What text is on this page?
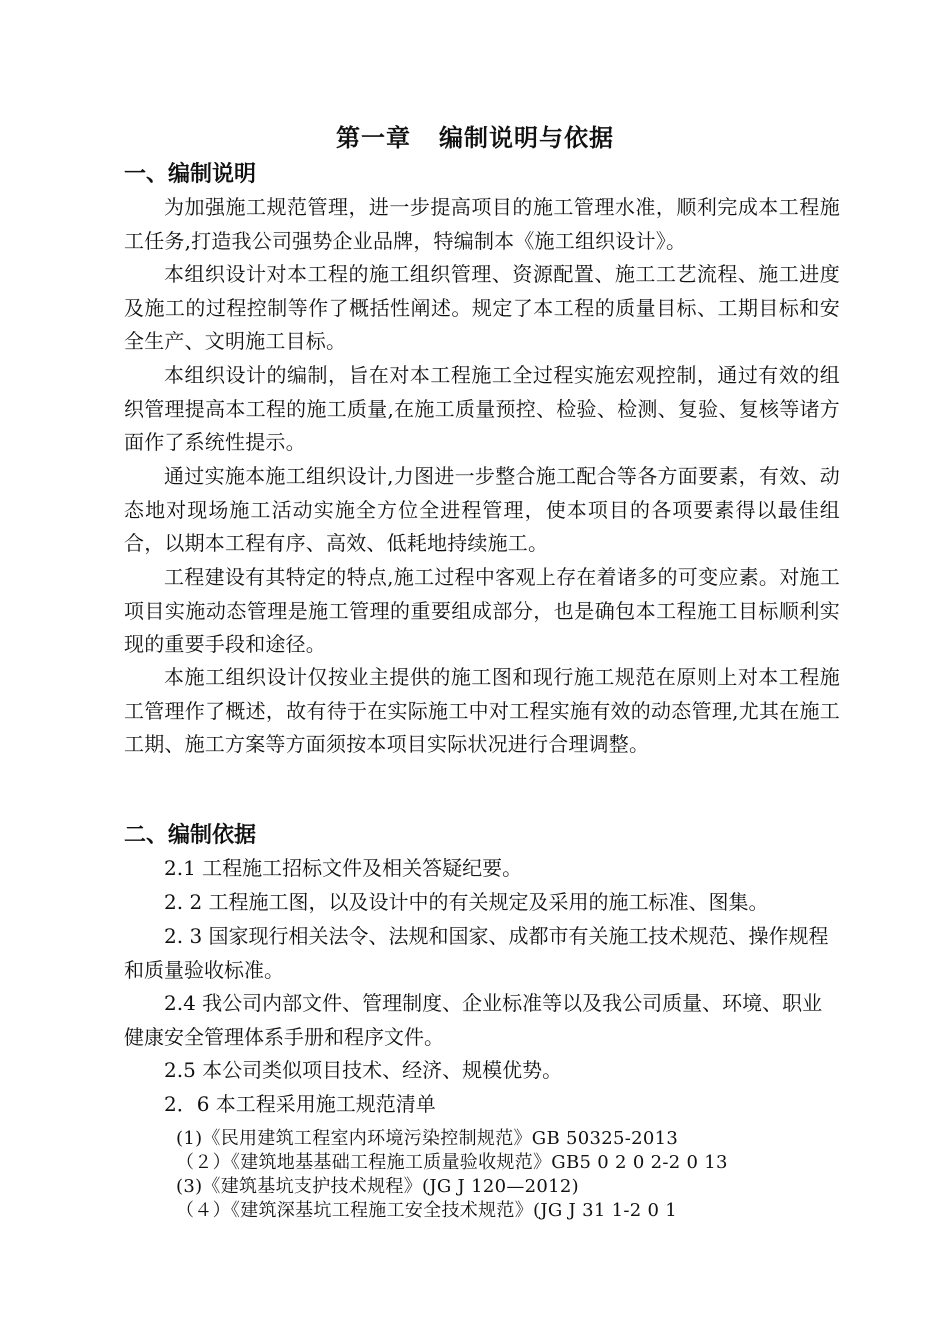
第一章 编制说明与依据
一、编制说明

为加强施工规范管理，进一步提高项目的施工管理水准，顺利完成本工程施工任务,打造我公司强势企业品牌，特编制本《施工组织设计》。

本组织设计对本工程的施工组织管理、资源配置、施工工艺流程、施工进度及施工的过程控制等作了概括性阐述。规定了本工程的质量目标、工期目标和安全生产、文明施工目标。

本组织设计的编制，旨在对本工程施工全过程实施宏观控制，通过有效的组织管理提高本工程的施工质量,在施工质量预控、检验、检测、复验、复核等诸方面作了系统性提示。

通过实施本施工组织设计,力图进一步整合施工配合等各方面要素，有效、动态地对现场施工活动实施全方位全进程管理，使本项目的各项要素得以最佳组合，以期本工程有序、高效、低耗地持续施工。

工程建设有其特定的特点,施工过程中客观上存在着诸多的可变应素。对施工项目实施动态管理是施工管理的重要组成部分，也是确包本工程施工目标顺利实现的重要手段和途径。

本施工组织设计仅按业主提供的施工图和现行施工规范在原则上对本工程施工管理作了概述，故有待于在实际施工中对工程实施有效的动态管理,尤其在施工工期、施工方案等方面须按本项目实际状况进行合理调整。

二、编制依据

2.1 工程施工招标文件及相关答疑纪要。

2. 2 工程施工图，以及设计中的有关规定及采用的施工标准、图集。

2. 3 国家现行相关法令、法规和国家、成都市有关施工技术规范、操作规程和质量验收标准。

2.4 我公司内部文件、管理制度、企业标准等以及我公司质量、环境、职业健康安全管理体系手册和程序文件。

2.5 本公司类似项目技术、经济、规模优势。

2．6 本工程采用施工规范清单

(1)《民用建筑工程室内环境污染控制规范》GB 50325-2013

（２）《建筑地基基础工程施工质量验收规范》GB5 0 2 0 2-2 0 13

(3)《建筑基坑支护技术规程》(JG J 120—2012)

（４）《建筑深基坑工程施工安全技术规范》(JG J 31 1-2 0 1
